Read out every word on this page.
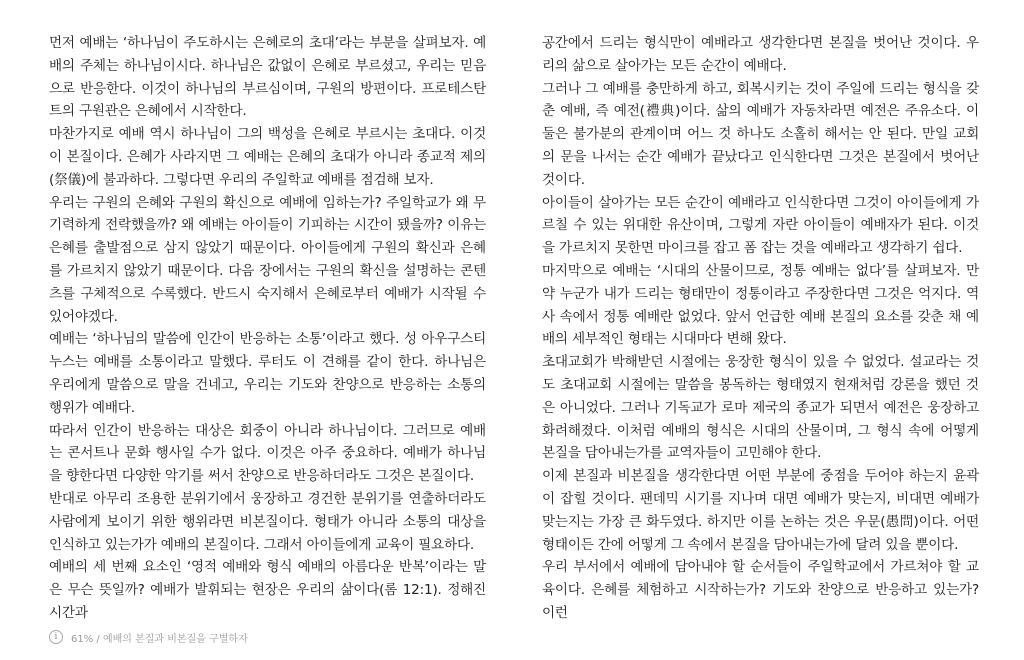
먼저 예배는 ‘하나님이 주도하시는 은혜로의 초대’라는 부분을 살펴보자. 예배의 주체는 하나님이시다. 하나님은 값없이 은혜로 부르셨고, 우리는 믿음으로 반응한다. 이것이 하나님의 부르심이며, 구원의 방편이다. 프로테스탄트의 구원관은 은혜에서 시작한다.

마찬가지로 예배 역시 하나님이 그의 백성을 은혜로 부르시는 초대다. 이것이 본질이다. 은혜가 사라지면 그 예배는 은혜의 초대가 아니라 종교적 제의(祭儀)에 불과하다. 그렇다면 우리의 주일학교 예배를 점검해 보자.

우리는 구원의 은혜와 구원의 확신으로 예배에 임하는가? 주일학교가 왜 무기력하게 전락했을까? 왜 예배는 아이들이 기피하는 시간이 됐을까? 이유는 은혜를 출발점으로 삼지 않았기 때문이다. 아이들에게 구원의 확신과 은혜를 가르치지 않았기 때문이다. 다음 장에서는 구원의 확신을 설명하는 콘텐츠를 구체적으로 수록했다. 반드시 숙지해서 은혜로부터 예배가 시작될 수 있어야겠다.

예배는 ‘하나님의 말씀에 인간이 반응하는 소통’이라고 했다. 성 아우구스티누스는 예배를 소통이라고 말했다. 루터도 이 견해를 같이 한다. 하나님은 우리에게 말씀으로 말을 건네고, 우리는 기도와 찬양으로 반응하는 소통의 행위가 예배다.

따라서 인간이 반응하는 대상은 회중이 아니라 하나님이다. 그러므로 예배는 콘서트나 문화 행사일 수가 없다. 이것은 아주 중요하다. 예배가 하나님을 향한다면 다양한 악기를 써서 찬양으로 반응하더라도 그것은 본질이다.

반대로 아무리 조용한 분위기에서 웅장하고 경건한 분위기를 연출하더라도 사람에게 보이기 위한 행위라면 비본질이다. 형태가 아니라 소통의 대상을 인식하고 있는가가 예배의 본질이다. 그래서 아이들에게 교육이 필요하다.

예배의 세 번째 요소인 ‘영적 예배와 형식 예배의 아름다운 반복’이라는 말은 무슨 뜻일까? 예배가 발휘되는 현장은 우리의 삶이다(롬 12:1). 정해진 시간과

공간에서 드리는 형식만이 예배라고 생각한다면 본질을 벗어난 것이다. 우리의 삶으로 살아가는 모든 순간이 예배다.

그러나 그 예배를 충만하게 하고, 회복시키는 것이 주일에 드리는 형식을 갖춘 예배, 즉 예전(禮典)이다. 삶의 예배가 자동차라면 예전은 주유소다. 이 둘은 불가분의 관계이며 어느 것 하나도 소홀히 해서는 안 된다. 만일 교회의 문을 나서는 순간 예배가 끝났다고 인식한다면 그것은 본질에서 벗어난 것이다.

아이들이 살아가는 모든 순간이 예배라고 인식한다면 그것이 아이들에게 가르칠 수 있는 위대한 유산이며, 그렇게 자란 아이들이 예배자가 된다. 이것을 가르치지 못한면 마이크를 잡고 폼 잡는 것을 예배라고 생각하기 쉽다.

마지막으로 예배는 ‘시대의 산물이므로, 정통 예배는 없다’를 살펴보자. 만약 누군가 내가 드리는 형태만이 정통이라고 주장한다면 그것은 억지다. 역사 속에서 정통 예배란 없었다. 앞서 언급한 예배 본질의 요소를 갖춘 채 예배의 세부적인 형태는 시대마다 변해 왔다.

초대교회가 박해받던 시절에는 웅장한 형식이 있을 수 없었다. 설교라는 것도 초대교회 시절에는 말씀을 봉독하는 형태였지 현재처럼 강론을 했던 것은 아니었다. 그러나 기독교가 로마 제국의 종교가 되면서 예전은 웅장하고 화려해졌다. 이처럼 예배의 형식은 시대의 산물이며, 그 형식 속에 어떻게 본질을 담아내는가를 교역자들이 고민해야 한다.

이제 본질과 비본질을 생각한다면 어떤 부분에 중점을 두어야 하는지 윤곽이 잡힐 것이다. 팬데믹 시기를 지나며 대면 예배가 맞는지, 비대면 예배가 맞는지는 가장 큰 화두였다. 하지만 이를 논하는 것은 우문(愚問)이다. 어떤 형태이든 간에 어떻게 그 속에서 본질을 담아내는가에 달려 있을 뿐이다.

우리 부서에서 예배에 담아내야 할 순서들이 주일학교에서 가르쳐야 할 교육이다. 은혜를 체험하고 시작하는가? 기도와 찬양으로 반응하고 있는가? 이런

i	61% / 예배의 본질과 비본질을 구별하자
